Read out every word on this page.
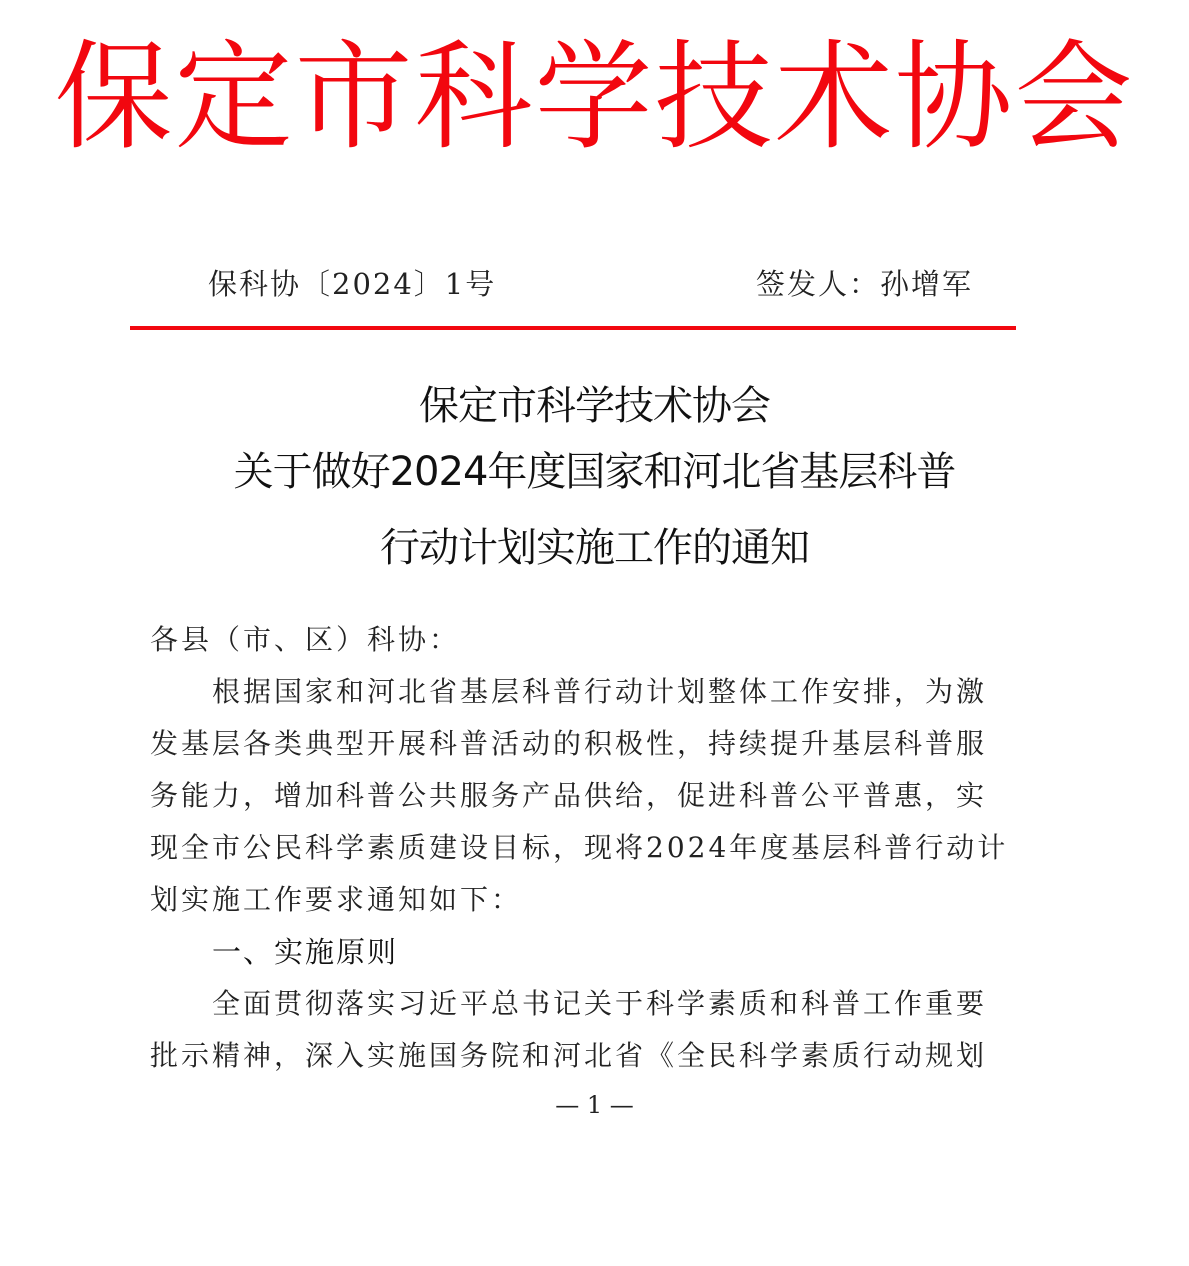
保定市科学技术协会
保科协〔2024〕1号	签发人：孙增军
保定市科学技术协会
关于做好2024年度国家和河北省基层科普
行动计划实施工作的通知
各县（市、区）科协：
　　根据国家和河北省基层科普行动计划整体工作安排，为激
发基层各类典型开展科普活动的积极性，持续提升基层科普服
务能力，增加科普公共服务产品供给，促进科普公平普惠，实
现全市公民科学素质建设目标，现将2024年度基层科普行动计
划实施工作要求通知如下：
一、实施原则
　　全面贯彻落实习近平总书记关于科学素质和科普工作重要
批示精神，深入实施国务院和河北省《全民科学素质行动规划
— 1 —
